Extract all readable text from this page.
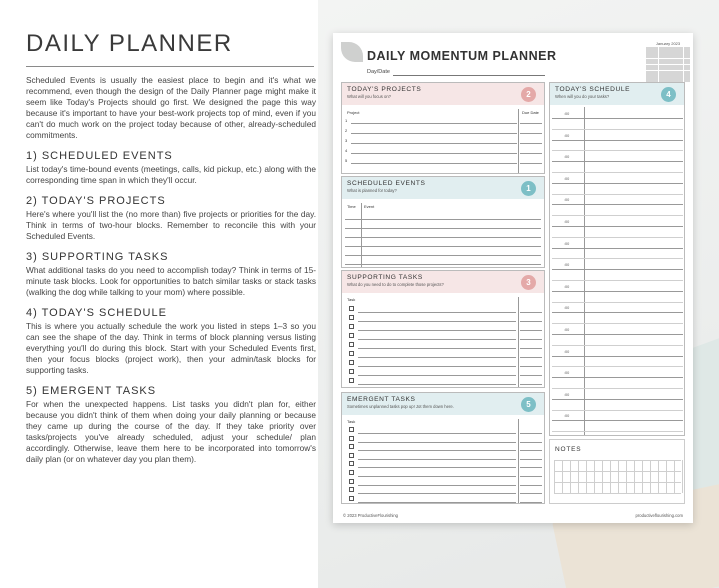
DAILY PLANNER
Scheduled Events is usually the easiest place to begin and it's what we recommend, even though the design of the Daily Planner page might make it seem like Today's Projects should go first. We designed the page this way because it's important to have your best-work projects top of mind, even if you can't do much work on the project today because of other, already-scheduled commitments.
1) SCHEDULED EVENTS
List today's time-bound events (meetings, calls, kid pickup, etc.) along with the corresponding time span in which they'll occur.
2) TODAY'S PROJECTS
Here's where you'll list the (no more than) five projects or priorities for the day. Think in terms of two-hour blocks. Remember to reconcile this with your Scheduled Events.
3) SUPPORTING TASKS
What additional tasks do you need to accomplish today? Think in terms of 15-minute task blocks. Look for opportunities to batch similar tasks or stack tasks (walking the dog while talking to your mom) where possible.
4) TODAY'S SCHEDULE
This is where you actually schedule the work you listed in steps 1–3 so you can see the shape of the day. Think in terms of block planning versus listing everything you'll do during this block. Start with your Scheduled Events first, then your focus blocks (project work), then your admin/task blocks for supporting tasks.
5) EMERGENT TASKS
For when the unexpected happens. List tasks you didn't plan for, either because you didn't think of them when doing your daily planning or because they came up during the course of the day. If they take priority over tasks/projects you've already scheduled, adjust your schedule/ plan accordingly. Otherwise, leave them here to be incorporated into tomorrow's daily plan (or on whatever day you plan them).
DAILY MOMENTUM PLANNER
Day/Date
January 2023
TODAY'S PROJECTS
What will you focus on?	2
Project	Due Date
1
2
3
4
5
SCHEDULED EVENTS
What is planned for today?	1
Time Event
SUPPORTING TASKS
What do you need to do to complete those projects?	3
Task
EMERGENT TASKS
Sometimes unplanned tasks pop up! Jot them down here.	5
Task
TODAY'S SCHEDULE
When will you do your tasks?	4
:00
:00
:00
:00
:00
:00
:00
:00
:00
:00
:00
:00
:00
:00
:00
NOTES
© 2023 ProductiveFlourishing	productiveflourishing.com
